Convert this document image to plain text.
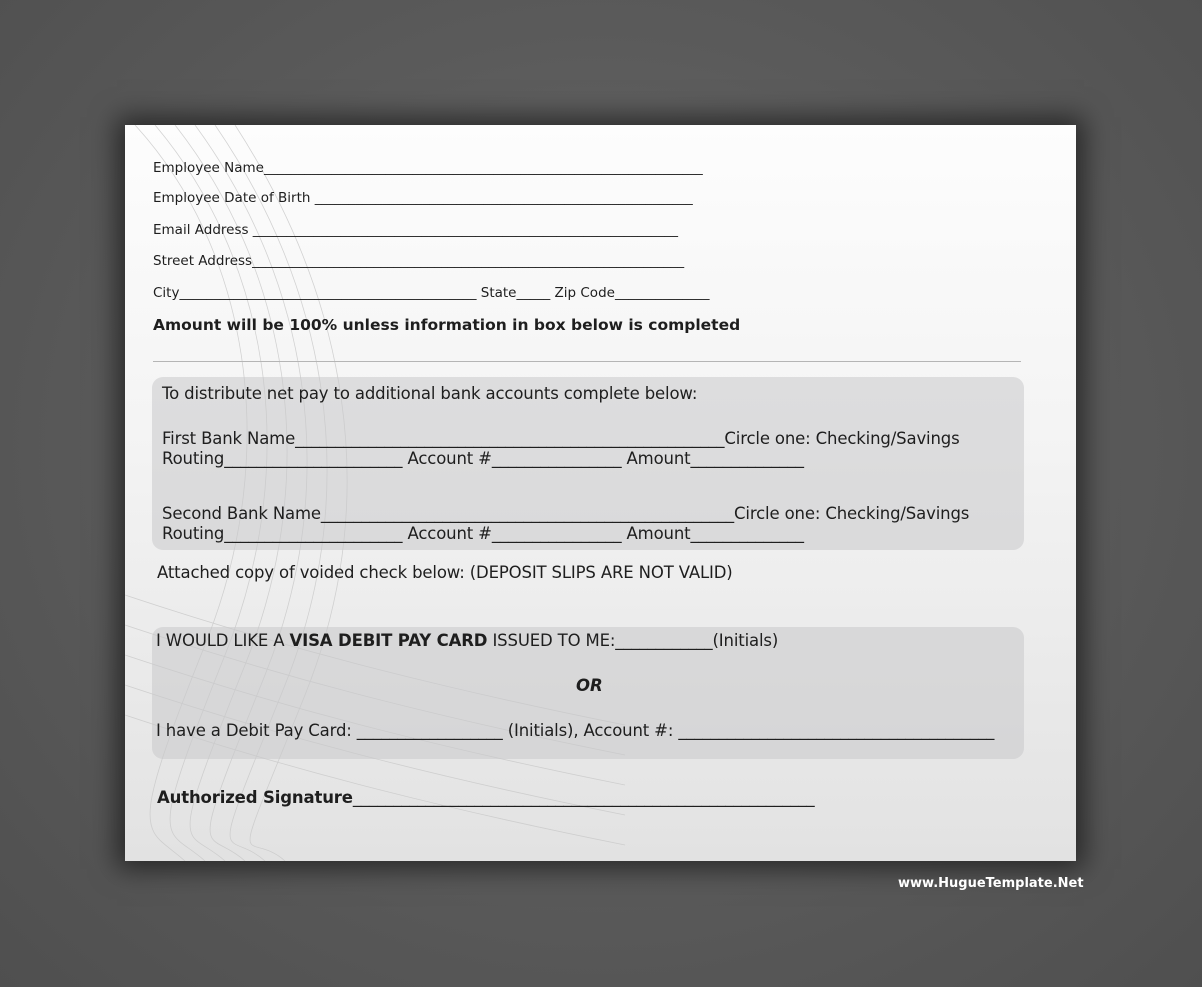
Employee Name_________________________________________________________________

Employee Date of Birth ________________________________________________________

Email Address _______________________________________________________________

Street Address________________________________________________________________

City____________________________________________ State_____ Zip Code______________

Amount will be 100% unless information in box below is completed

To distribute net pay to additional bank accounts complete below:

First Bank Name_____________________________________________________Circle one: Checking/Savings

Routing______________________ Account #________________ Amount______________

Second Bank Name___________________________________________________Circle one: Checking/Savings

Routing______________________ Account #________________ Amount______________

Attached copy of voided check below: (DEPOSIT SLIPS ARE NOT VALID)

I WOULD LIKE A VISA DEBIT PAY CARD ISSUED TO ME:____________(Initials)

OR

I have a Debit Pay Card: __________________ (Initials), Account #: _______________________________________

Authorized Signature_________________________________________________________

www.HugueTemplate.Net
